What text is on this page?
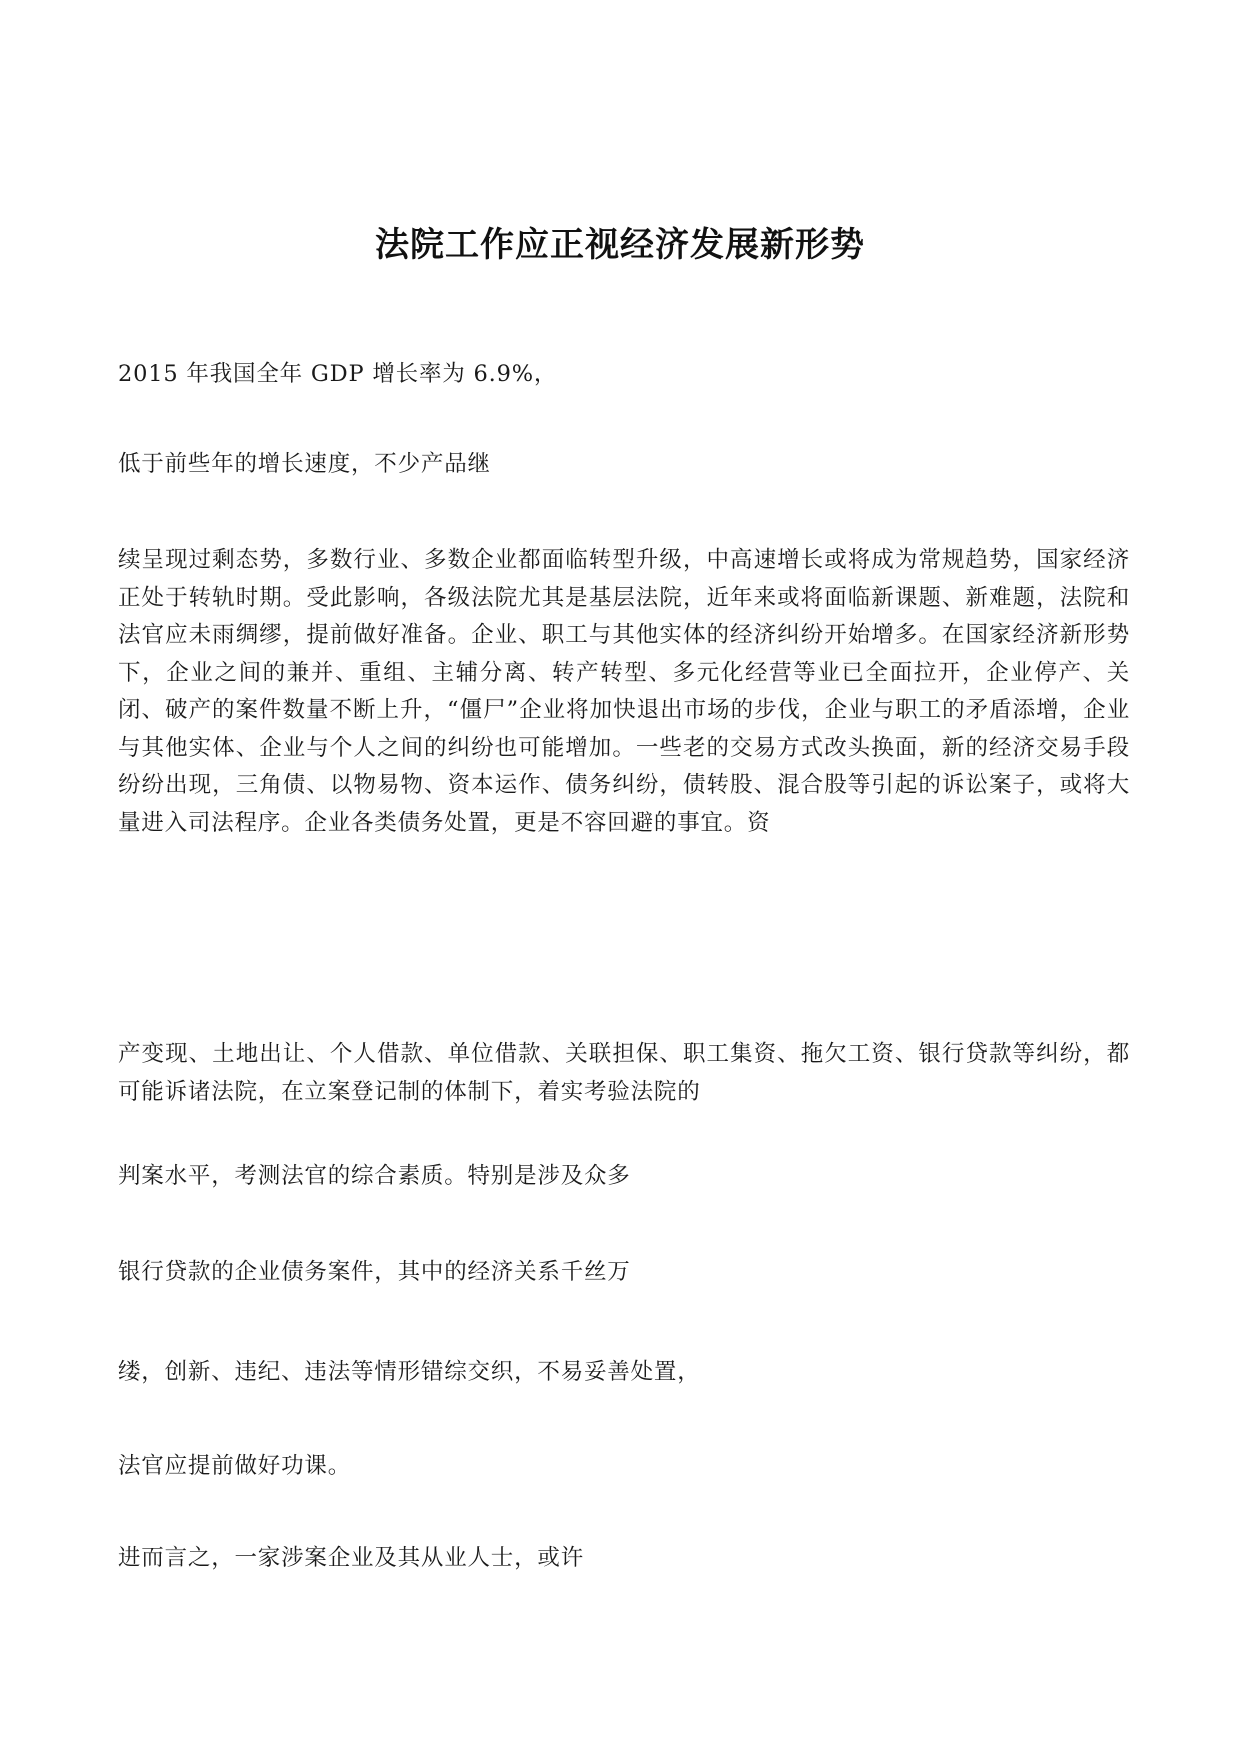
法院工作应正视经济发展新形势

2015 年我国全年 GDP 增长率为 6.9%，

低于前些年的增长速度，不少产品继

续呈现过剩态势，多数行业、多数企业都面临转型升级，中高速增长或将成为常规趋势，国家经济正处于转轨时期。受此影响，各级法院尤其是基层法院，近年来或将面临新课题、新难题，法院和法官应未雨绸缪，提前做好准备。企业、职工与其他实体的经济纠纷开始增多。在国家经济新形势下，企业之间的兼并、重组、主辅分离、转产转型、多元化经营等业已全面拉开，企业停产、关闭、破产的案件数量不断上升，“僵尸”企业将加快退出市场的步伐，企业与职工的矛盾添增，企业与其他实体、企业与个人之间的纠纷也可能增加。一些老的交易方式改头换面，新的经济交易手段纷纷出现，三角债、以物易物、资本运作、债务纠纷，债转股、混合股等引起的诉讼案子，或将大量进入司法程序。企业各类债务处置，更是不容回避的事宜。资

产变现、土地出让、个人借款、单位借款、关联担保、职工集资、拖欠工资、银行贷款等纠纷，都可能诉诸法院，在立案登记制的体制下，着实考验法院的

判案水平，考测法官的综合素质。特别是涉及众多

银行贷款的企业债务案件，其中的经济关系千丝万

缕，创新、违纪、违法等情形错综交织，不易妥善处置，

法官应提前做好功课。

进而言之，一家涉案企业及其从业人士，或许
